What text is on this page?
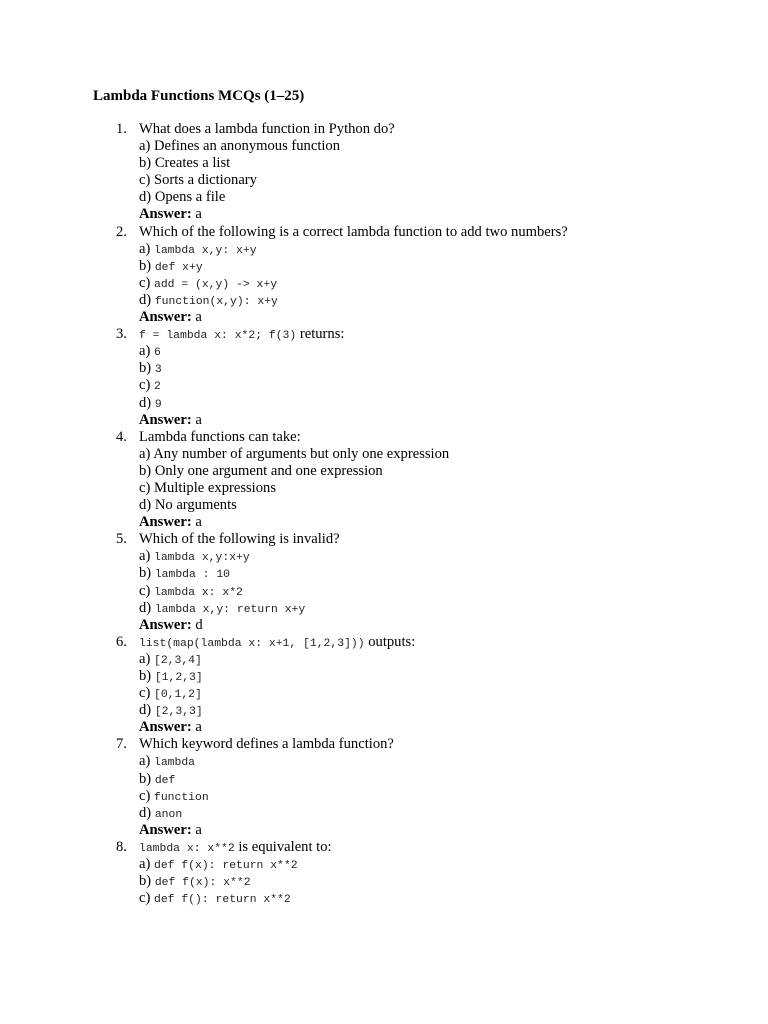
Lambda Functions MCQs (1–25)
1. What does a lambda function in Python do?
a) Defines an anonymous function
b) Creates a list
c) Sorts a dictionary
d) Opens a file
Answer: a
2. Which of the following is a correct lambda function to add two numbers?
a) lambda x,y: x+y
b) def x+y
c) add = (x,y) -> x+y
d) function(x,y): x+y
Answer: a
3. f = lambda x: x*2; f(3) returns:
a) 6
b) 3
c) 2
d) 9
Answer: a
4. Lambda functions can take:
a) Any number of arguments but only one expression
b) Only one argument and one expression
c) Multiple expressions
d) No arguments
Answer: a
5. Which of the following is invalid?
a) lambda x,y:x+y
b) lambda : 10
c) lambda x: x*2
d) lambda x,y: return x+y
Answer: d
6. list(map(lambda x: x+1, [1,2,3])) outputs:
a) [2,3,4]
b) [1,2,3]
c) [0,1,2]
d) [2,3,3]
Answer: a
7. Which keyword defines a lambda function?
a) lambda
b) def
c) function
d) anon
Answer: a
8. lambda x: x**2 is equivalent to:
a) def f(x): return x**2
b) def f(x): x**2
c) def f(): return x**2
